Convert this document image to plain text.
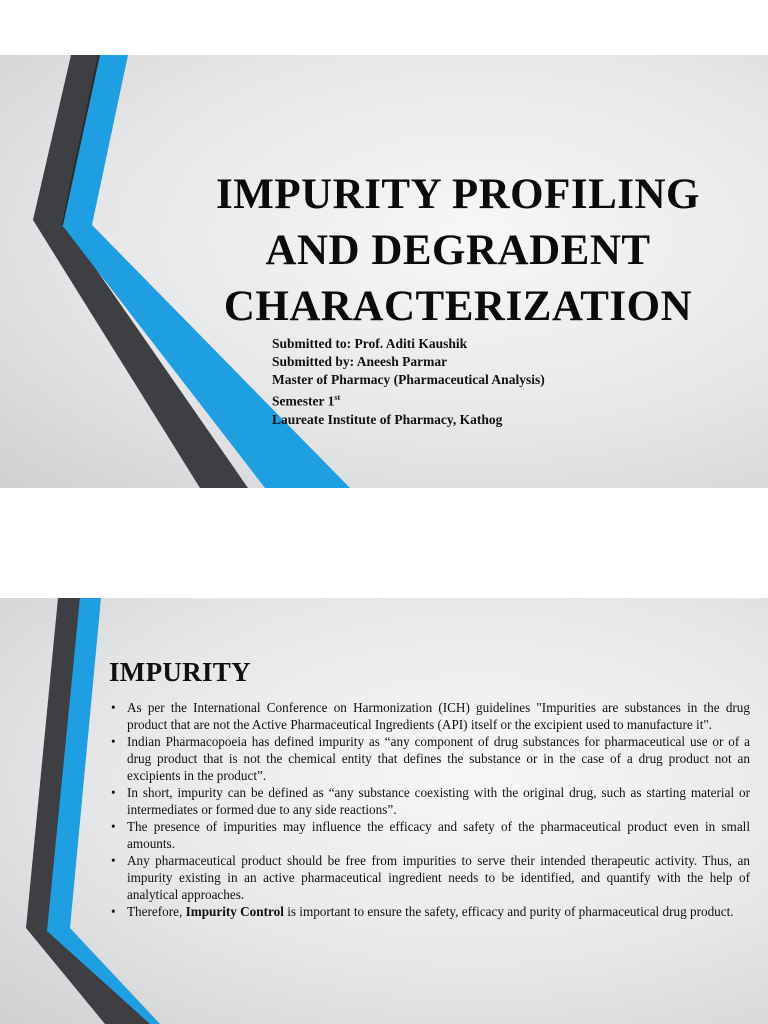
IMPURITY PROFILING
AND DEGRADENT
CHARACTERIZATION
Submitted to: Prof. Aditi Kaushik
Submitted by: Aneesh Parmar
Master of Pharmacy (Pharmaceutical Analysis)
Semester 1st
Laureate Institute of Pharmacy, Kathog
IMPURITY
• As per the International Conference on Harmonization (ICH) guidelines "Impurities are substances in the drug product that are not the Active Pharmaceutical Ingredients (API) itself or the excipient used to manufacture it".
• Indian Pharmacopoeia has defined impurity as “any component of drug substances for pharmaceutical use or of a drug product that is not the chemical entity that defines the substance or in the case of a drug product not an excipients in the product”.
• In short, impurity can be defined as “any substance coexisting with the original drug, such as starting material or intermediates or formed due to any side reactions”.
• The presence of impurities may influence the efficacy and safety of the pharmaceutical product even in small amounts.
• Any pharmaceutical product should be free from impurities to serve their intended therapeutic activity. Thus, an impurity existing in an active pharmaceutical ingredient needs to be identified, and quantify with the help of analytical approaches.
• Therefore, Impurity Control is important to ensure the safety, efficacy and purity of pharmaceutical drug product.
